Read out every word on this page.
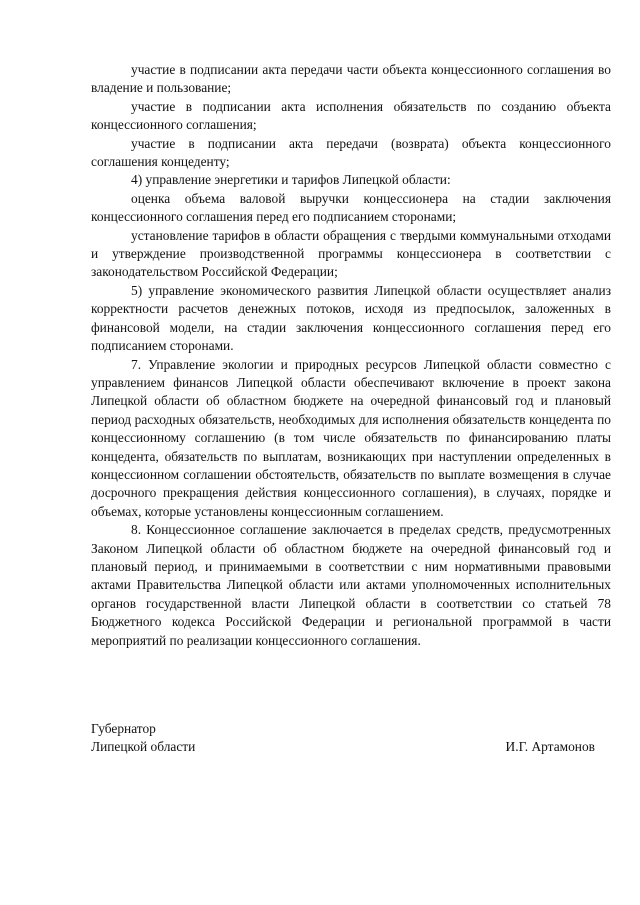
участие в подписании акта передачи части объекта концессионного соглашения во владение и пользование;

участие в подписании акта исполнения обязательств по созданию объекта концессионного соглашения;

участие в подписании акта передачи (возврата) объекта концессионного соглашения концеденту;

4) управление энергетики и тарифов Липецкой области:

оценка объема валовой выручки концессионера на стадии заключения концессионного соглашения перед его подписанием сторонами;

установление тарифов в области обращения с твердыми коммунальными отходами и утверждение производственной программы концессионера в соответствии с законодательством Российской Федерации;

5) управление экономического развития Липецкой области осуществляет анализ корректности расчетов денежных потоков, исходя из предпосылок, заложенных в финансовой модели, на стадии заключения концессионного соглашения перед его подписанием сторонами.

7. Управление экологии и природных ресурсов Липецкой области совместно с управлением финансов Липецкой области обеспечивают включение в проект закона Липецкой области об областном бюджете на очередной финансовый год и плановый период расходных обязательств, необходимых для исполнения обязательств концедента по концессионному соглашению (в том числе обязательств по финансированию платы концедента, обязательств по выплатам, возникающих при наступлении определенных в концессионном соглашении обстоятельств, обязательств по выплате возмещения в случае досрочного прекращения действия концессионного соглашения), в случаях, порядке и объемах, которые установлены концессионным соглашением.

8. Концессионное соглашение заключается в пределах средств, предусмотренных Законом Липецкой области об областном бюджете на очередной финансовый год и плановый период, и принимаемыми в соответствии с ним нормативными правовыми актами Правительства Липецкой области или актами уполномоченных исполнительных органов государственной власти Липецкой области в соответствии со статьей 78 Бюджетного кодекса Российской Федерации и региональной программой в части мероприятий по реализации концессионного соглашения.

Губернатор
Липецкой области	И.Г. Артамонов
